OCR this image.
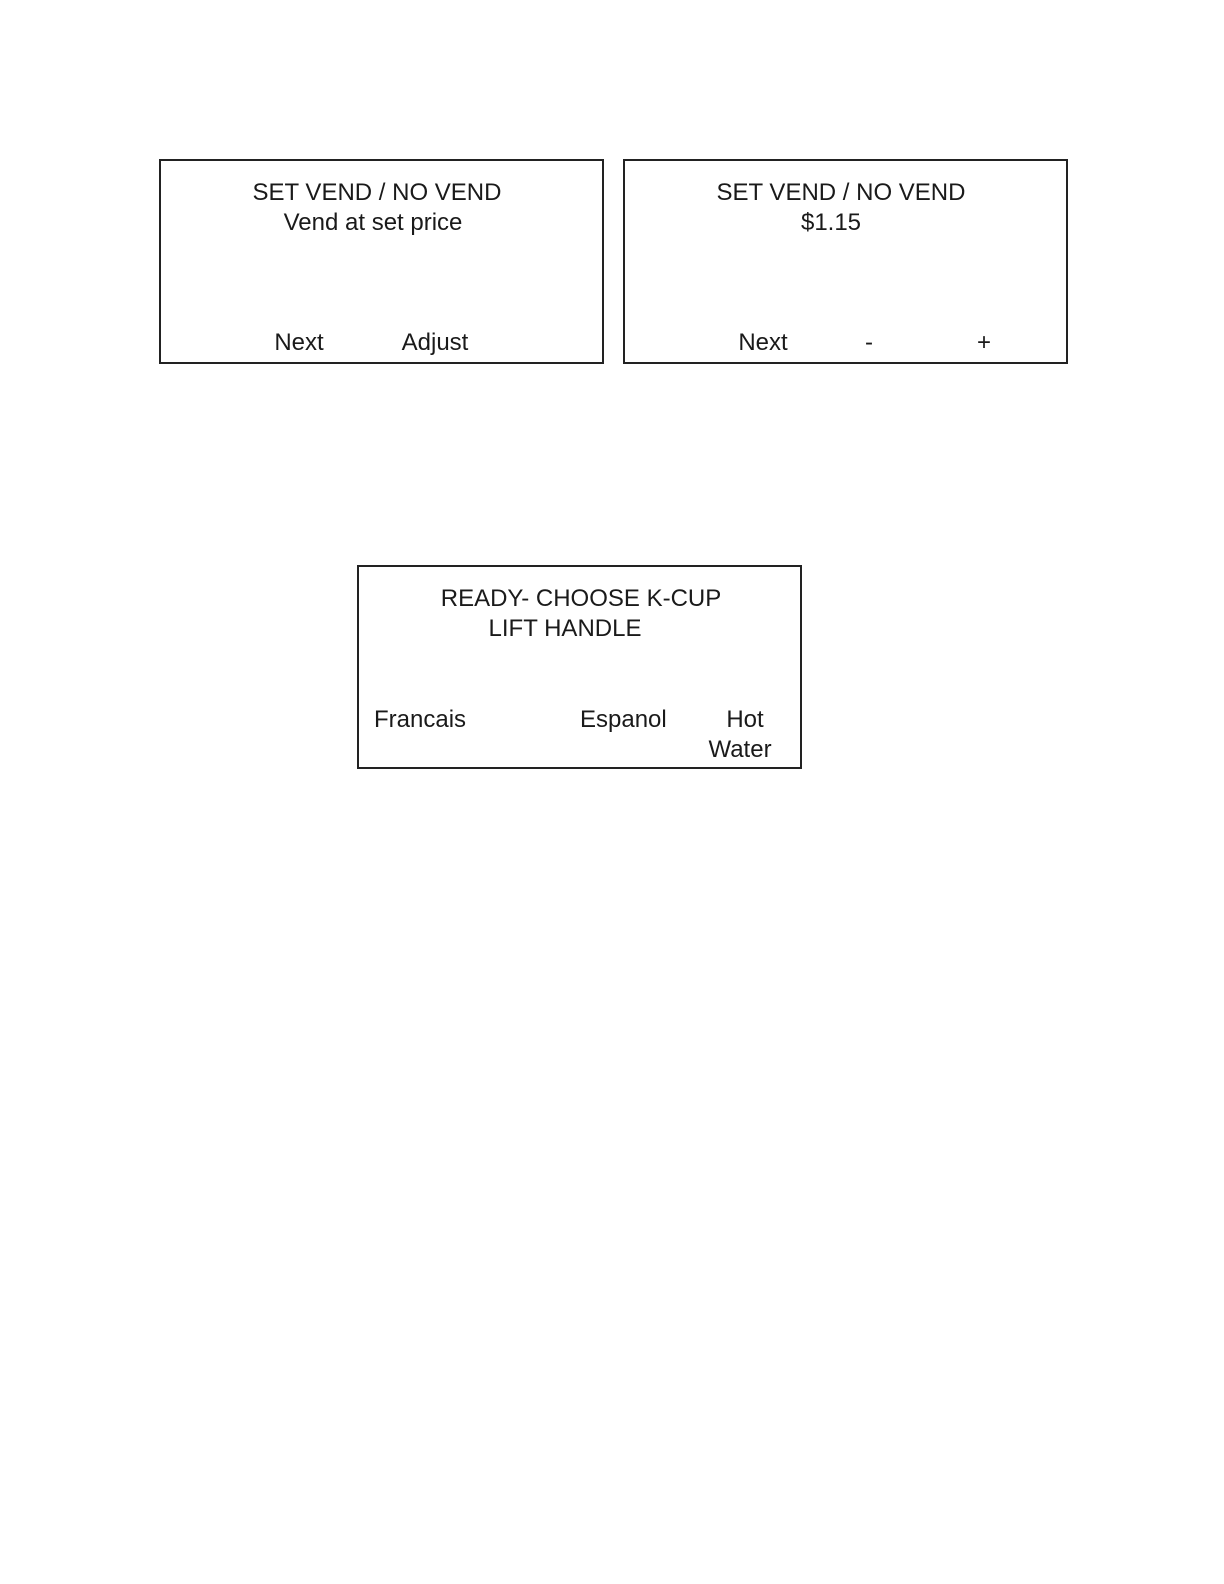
SET VEND / NO VEND
Vend at set price
Next	Adjust
SET VEND / NO VEND
$1.15
Next	-	+
READY- CHOOSE K-CUP
LIFT HANDLE
Francais	Espanol Hot
Water
